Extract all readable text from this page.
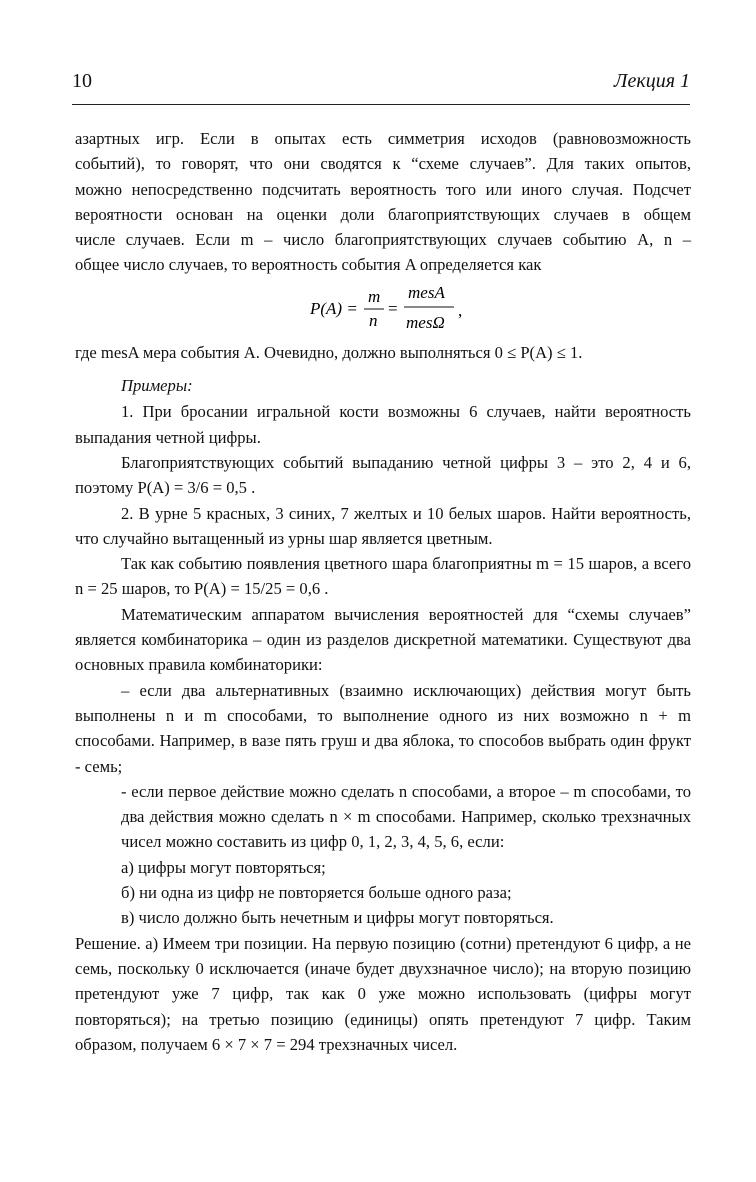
10	Лекция 1

азартных игр. Если в опытах есть симметрия исходов (равновозможность

событий), то говорят, что они сводятся к “схеме случаев”. Для таких опытов,

можно непосредственно подсчитать вероятность того или иного случая. Подсчет

вероятности основан на оценки доли благоприятствующих случаев в общем

числе случаев. Если m – число благоприятствующих случаев событию A, n –

общее число случаев, то вероятность события A определяется как

P(A) =
m
n
=
mesA
mesΩ
,

где mesA мера события А. Очевидно, должно выполняться 0 ≤ P(A) ≤ 1.

Примеры:

1. При бросании игральной кости возможны 6 случаев, найти вероятность выпадания четной цифры.

Благоприятствующих событий выпаданию четной цифры 3 – это 2, 4 и 6, поэтому P(A) = 3/6 = 0,5 .

2. В урне 5 красных, 3 синих, 7 желтых и 10 белых шаров. Найти вероятность, что случайно вытащенный из урны шар является цветным.

Так как событию появления цветного шара благоприятны m = 15 шаров, а всего n = 25 шаров, то P(A) = 15/25 = 0,6 .

Математическим аппаратом вычисления вероятностей для “схемы случаев” является комбинаторика – один из разделов дискретной математики. Существуют два основных правила комбинаторики:

– если два альтернативных (взаимно исключающих) действия могут быть выполнены n и m способами, то выполнение одного из них возможно n + m способами. Например, в вазе пять груш и два яблока, то способов выбрать один фрукт - семь;

- если первое действие можно сделать n способами, а второе – m способами, то два действия можно сделать n × m способами. Например, сколько трехзначных чисел можно составить из цифр 0, 1, 2, 3, 4, 5, 6, если:

а) цифры могут повторяться;

б) ни одна из цифр не повторяется больше одного раза;

в) число должно быть нечетным и цифры могут повторяться.

Решение. а) Имеем три позиции. На первую позицию (сотни) претендуют 6 цифр, а не семь, поскольку 0 исключается (иначе будет двухзначное число); на вторую позицию претендуют уже 7 цифр, так как 0 уже можно использовать (цифры могут повторяться); на третью позицию (единицы) опять претендуют 7 цифр. Таким образом, получаем 6 × 7 × 7 = 294 трехзначных чисел.
